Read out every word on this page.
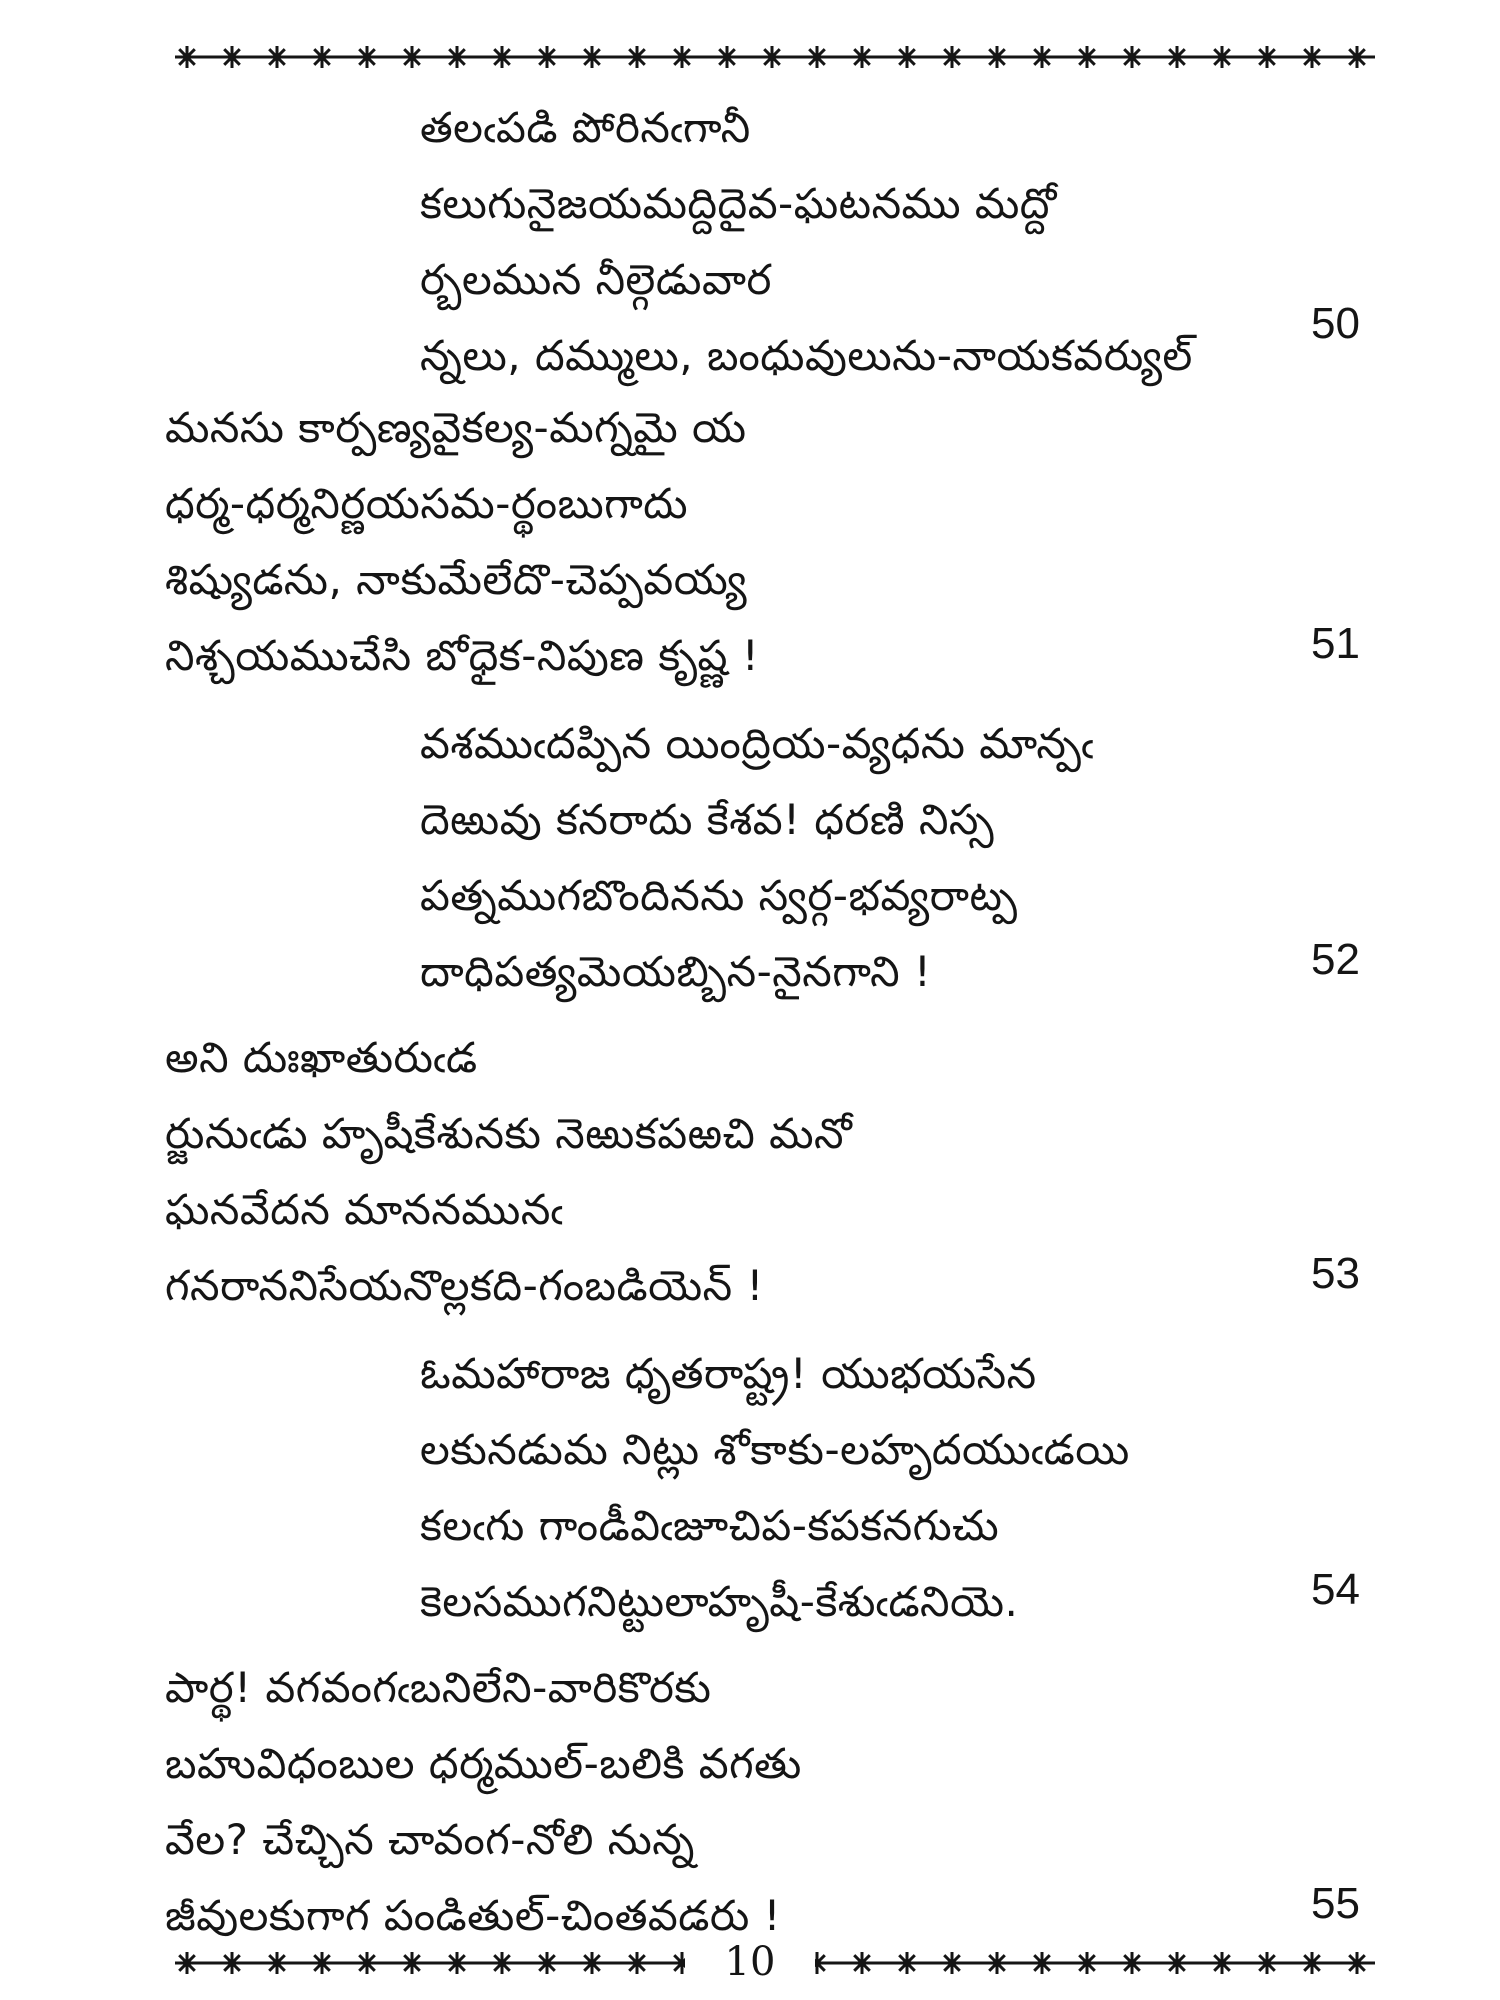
తలఁపడి పోరినఁగానీ
కలుగునైజయమద్దిదైవ-ఘటనము మద్దో
ర్బలమున నీల్గెడువార
న్నలు, దమ్ములు, బంధువులును-నాయకవర్యుల్
50
మనసు కార్పణ్యవైకల్య-మగ్నమై య
ధర్మ-ధర్మనిర్ణయసమ-ర్థంబుగాదు
శిష్యుడను, నాకుమేలేదొ-చెప్పవయ్య
నిశ్చయముచేసి బోధైక-నిపుణ కృష్ణ !	51
వశముఁదప్పిన యింద్రియ-వ్యధను మాన్పఁ
దెఱువు కనరాదు కేశవ! ధరణి నిస్స
పత్నముగబొందినను స్వర్గ-భవ్యరాట్ప
దాధిపత్యమెయబ్బిన-నైనగాని !	52
అని దుఃఖాతురుఁడ
ర్జునుఁడు హృషీకేశునకు నెఱుకపఱచి మనో
ఘనవేదన మాననమునఁ
గనరాననిసేయనొల్లకది-గంబడియెన్ !	53
ఓమహారాజ ధృతరాష్ట్ర! యుభయసేన
లకునడుమ నిట్లు శోకాకు-లహృదయుఁడయి
కలఁగు గాండీవిఁజూచిప-కపకనగుచు
కెలసముగనిట్టులాహృషీ-కేశుఁడనియె.	54
పార్థ! వగవంగఁబనిలేని-వారికొరకు
బహువిధంబుల ధర్మముల్-బలికి వగతు
వేల? చేచ్చిన చావంగ-నోలి నున్న
జీవులకుగాగ పండితుల్-చింతవడరు !	55
10
